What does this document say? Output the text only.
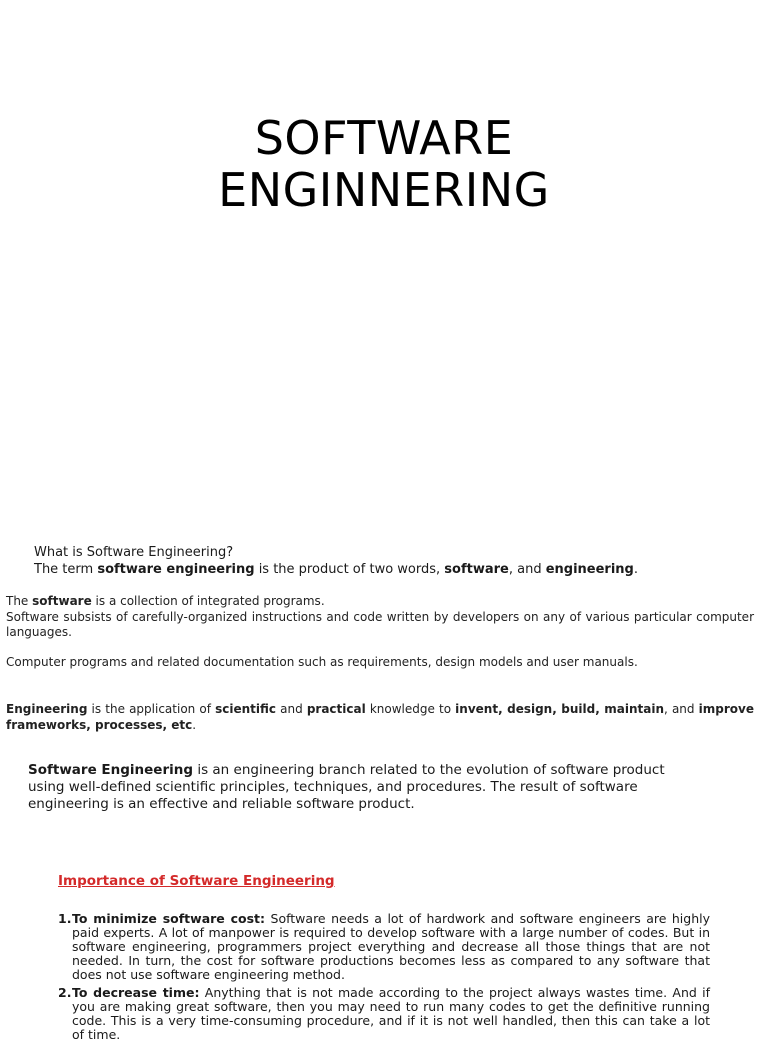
SOFTWARE
ENGINNERING
What is Software Engineering?
The term software engineering is the product of two words, software, and engineering.
The software is a collection of integrated programs.
Software subsists of carefully-organized instructions and code written by developers on any of various particular computer languages.
Computer programs and related documentation such as requirements, design models and user manuals.
Engineering is the application of scientific and practical knowledge to invent, design, build, maintain, and improve frameworks, processes, etc.
Software Engineering is an engineering branch related to the evolution of software product using well-defined scientific principles, techniques, and procedures. The result of software engineering is an effective and reliable software product.
Importance of Software Engineering
1. To minimize software cost: Software needs a lot of hardwork and software engineers are highly paid experts. A lot of manpower is required to develop software with a large number of codes. But in software engineering, programmers project everything and decrease all those things that are not needed. In turn, the cost for software productions becomes less as compared to any software that does not use software engineering method.
2. To decrease time: Anything that is not made according to the project always wastes time. And if you are making great software, then you may need to run many codes to get the definitive running code. This is a very time-consuming procedure, and if it is not well handled, then this can take a lot of time.
